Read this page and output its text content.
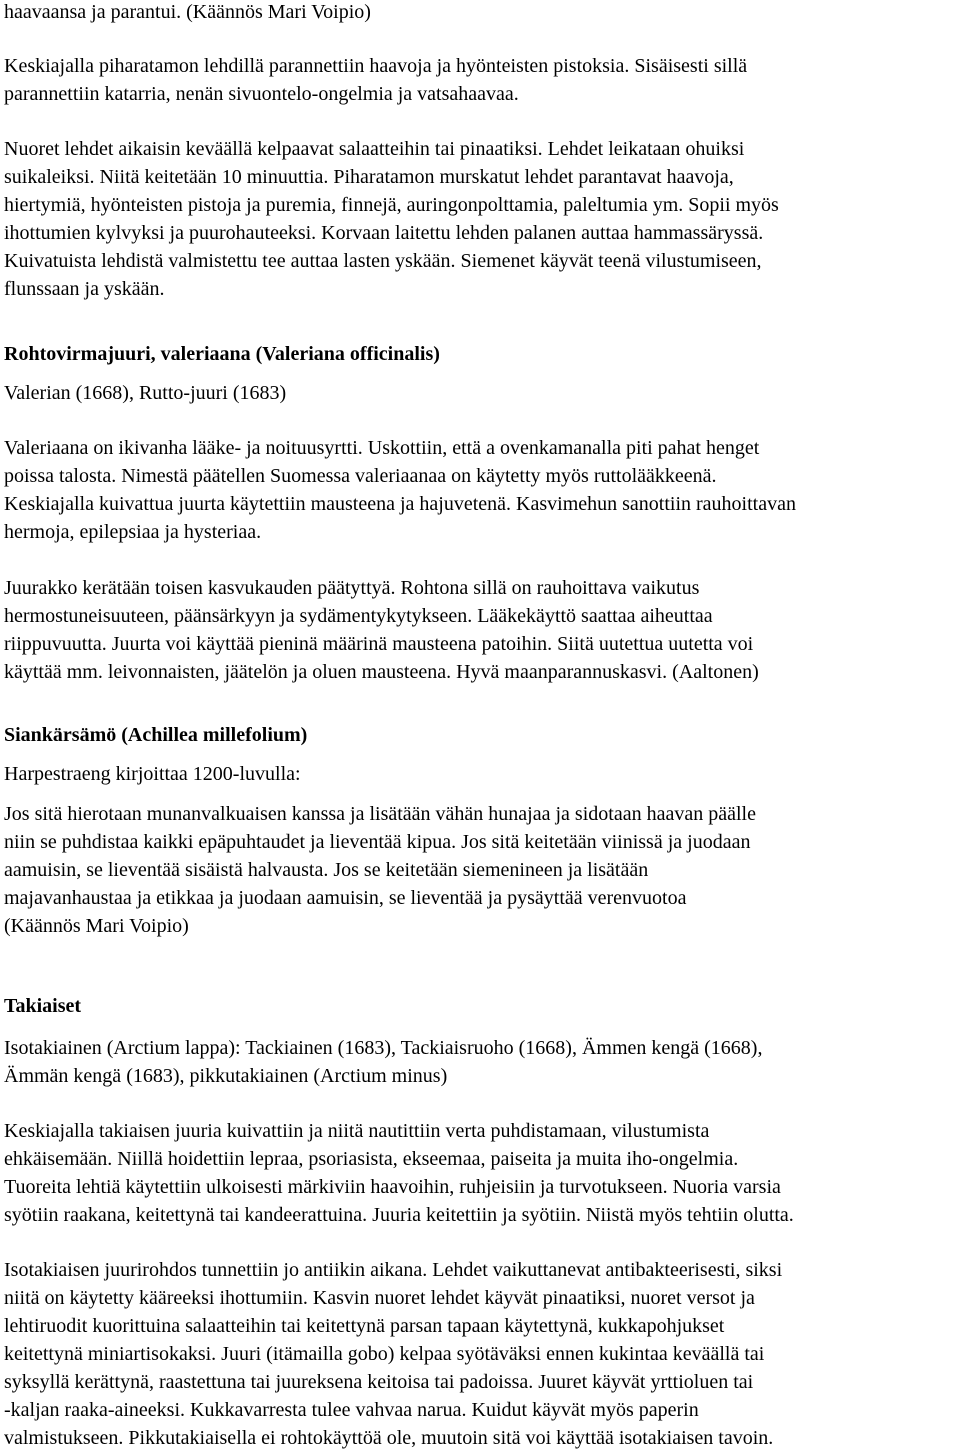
haavaansa ja parantui. (Käännös Mari Voipio)
Keskiajalla piharatamon lehdillä parannettiin haavoja ja hyönteisten pistoksia. Sisäisesti sillä
parannettiin katarria, nenän sivuontelo-ongelmia ja vatsahaavaa.
Nuoret lehdet aikaisin keväällä kelpaavat salaatteihin tai pinaatiksi. Lehdet leikataan ohuiksi
suikaleiksi. Niitä keitetään 10 minuuttia. Piharatamon murskatut lehdet parantavat haavoja,
hiertymiä, hyönteisten pistoja ja puremia, finnejä, auringonpolttamia, paleltumia ym. Sopii myös
ihottumien kylvyksi ja puurohauteeksi. Korvaan laitettu lehden palanen auttaa hammassäryssä.
Kuivatuista lehdistä valmistettu tee auttaa lasten yskään. Siemenet käyvät teenä vilustumiseen,
flunssaan ja yskään.
Rohtovirmajuuri, valeriaana (Valeriana officinalis)
Valerian (1668), Rutto-juuri (1683)
Valeriaana on ikivanha lääke- ja noituusyrtti. Uskottiin, että a ovenkamanalla piti pahat henget
poissa talosta. Nimestä päätellen Suomessa valeriaanaa on käytetty myös ruttolääkkeenä.
Keskiajalla kuivattua juurta käytettiin mausteena ja hajuvetenä. Kasvimehun sanottiin rauhoittavan
hermoja, epilepsiaa ja hysteriaa.
Juurakko kerätään toisen kasvukauden päätyttyä. Rohtona sillä on rauhoittava vaikutus
hermostuneisuuteen, päänsärkyyn ja sydämentykytykseen. Lääkekäyttö saattaa aiheuttaa
riippuvuutta. Juurta voi käyttää pieninä määrinä mausteena patoihin. Siitä uutettua uutetta voi
käyttää mm. leivonnaisten, jäätelön ja oluen mausteena. Hyvä maanparannuskasvi. (Aaltonen)
Siankärsämö (Achillea millefolium)
Harpestraeng kirjoittaa 1200-luvulla:
Jos sitä hierotaan munanvalkuaisen kanssa ja lisätään vähän hunajaa ja sidotaan haavan päälle
niin se puhdistaa kaikki epäpuhtaudet ja lieventää kipua. Jos sitä keitetään viinissä ja juodaan
aamuisin, se lieventää sisäistä halvausta. Jos se keitetään siemenineen ja lisätään
majavanhaustaa ja etikkaa ja juodaan aamuisin, se lieventää ja pysäyttää verenvuotoa
(Käännös Mari Voipio)
Takiaiset
Isotakiainen (Arctium lappa): Tackiainen (1683), Tackiaisruoho (1668), Ämmen kengä (1668),
Ämmän kengä (1683), pikkutakiainen (Arctium minus)
Keskiajalla takiaisen juuria kuivattiin ja niitä nautittiin verta puhdistamaan, vilustumista
ehkäisemään. Niillä hoidettiin lepraa, psoriasista, ekseemaa, paiseita ja muita iho-ongelmia.
Tuoreita lehtiä käytettiin ulkoisesti märkiviin haavoihin, ruhjeisiin ja turvotukseen. Nuoria varsia
syötiin raakana, keitettynä tai kandeerattuina. Juuria keitettiin ja syötiin. Niistä myös tehtiin olutta.
Isotakiaisen juurirohdos tunnettiin jo antiikin aikana. Lehdet vaikuttanevat antibakteerisesti, siksi
niitä on käytetty kääreeksi ihottumiin. Kasvin nuoret lehdet käyvät pinaatiksi, nuoret versot ja
lehtiruodit kuorittuina salaatteihin tai keitettynä parsan tapaan käytettynä, kukkapohjukset
keitettynä miniartisokaksi. Juuri (itämailla gobo) kelpaa syötäväksi ennen kukintaa keväällä tai
syksyllä kerättynä, raastettuna tai juureksena keitoisa tai padoissa. Juuret käyvät yrttioluen tai
-kaljan raaka-aineeksi. Kukkavarresta tulee vahvaa narua. Kuidut käyvät myös paperin
valmistukseen. Pikkutakiaisella ei rohtokäyttöä ole, muutoin sitä voi käyttää isotakiaisen tavoin.
